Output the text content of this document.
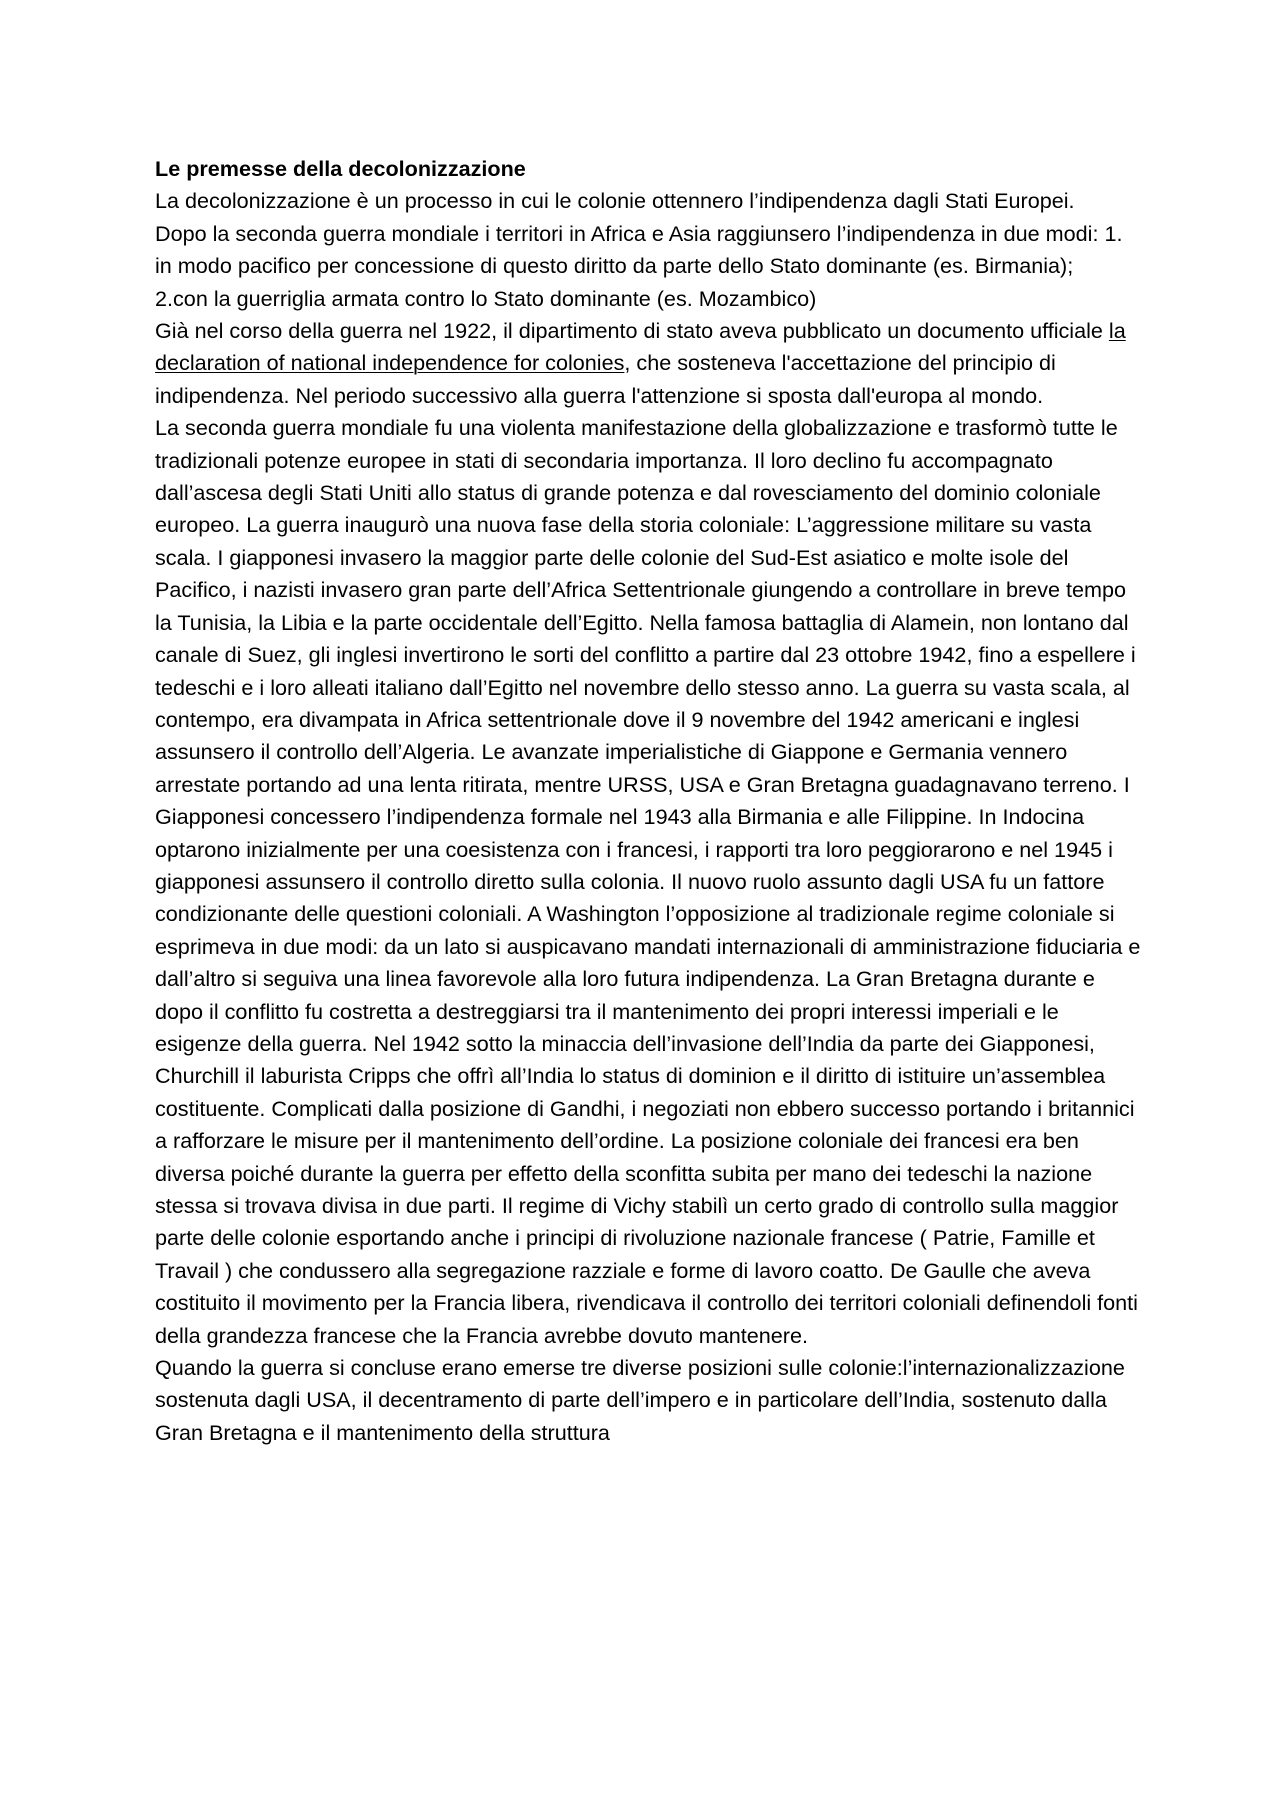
Le premesse della decolonizzazione

La decolonizzazione è un processo in cui le colonie ottennero l’indipendenza dagli Stati Europei.

Dopo la seconda guerra mondiale i territori in Africa e Asia raggiunsero l’indipendenza in due modi: 1. in modo pacifico per concessione di questo diritto da parte dello Stato dominante (es. Birmania);

2.con la guerriglia armata contro lo Stato dominante (es. Mozambico)

Già nel corso della guerra nel 1922, il dipartimento di stato aveva pubblicato un documento ufficiale la declaration of national independence for colonies, che sosteneva l'accettazione del principio di indipendenza. Nel periodo successivo alla guerra l'attenzione si sposta dall'europa al mondo.

La seconda guerra mondiale fu una violenta manifestazione della globalizzazione e trasformò tutte le tradizionali potenze europee in stati di secondaria importanza. Il loro declino fu accompagnato dall’ascesa degli Stati Uniti allo status di grande potenza e dal rovesciamento del dominio coloniale europeo. La guerra inaugurò una nuova fase della storia coloniale: L’aggressione militare su vasta scala. I giapponesi invasero la maggior parte delle colonie del Sud-Est asiatico e molte isole del Pacifico, i nazisti invasero gran parte dell’Africa Settentrionale giungendo a controllare in breve tempo la Tunisia, la Libia e la parte occidentale dell’Egitto. Nella famosa battaglia di Alamein, non lontano dal canale di Suez, gli inglesi invertirono le sorti del conflitto a partire dal 23 ottobre 1942, fino a espellere i tedeschi e i loro alleati italiano dall’Egitto nel novembre dello stesso anno. La guerra su vasta scala, al contempo, era divampata in Africa settentrionale dove il 9 novembre del 1942 americani e inglesi assunsero il controllo dell’Algeria. Le avanzate imperialistiche di Giappone e Germania vennero arrestate portando ad una lenta ritirata, mentre URSS, USA e Gran Bretagna guadagnavano terreno. I Giapponesi concessero l’indipendenza formale nel 1943 alla Birmania e alle Filippine. In Indocina optarono inizialmente per una coesistenza con i francesi, i rapporti tra loro peggiorarono e nel 1945 i giapponesi assunsero il controllo diretto sulla colonia. Il nuovo ruolo assunto dagli USA fu un fattore condizionante delle questioni coloniali. A Washington l’opposizione al tradizionale regime coloniale si esprimeva in due modi: da un lato si auspicavano mandati internazionali di amministrazione fiduciaria e dall’altro si seguiva una linea favorevole alla loro futura indipendenza. La Gran Bretagna durante e dopo il conflitto fu costretta a destreggiarsi tra il mantenimento dei propri interessi imperiali e le esigenze della guerra. Nel 1942 sotto la minaccia dell’invasione dell’India da parte dei Giapponesi, Churchill il laburista Cripps che offrì all’India lo status di dominion e il diritto di istituire un’assemblea costituente. Complicati dalla posizione di Gandhi, i negoziati non ebbero successo portando i britannici a rafforzare le misure per il mantenimento dell’ordine. La posizione coloniale dei francesi era ben diversa poiché durante la guerra per effetto della sconfitta subita per mano dei tedeschi la nazione stessa si trovava divisa in due parti. Il regime di Vichy stabilì un certo grado di controllo sulla maggior parte delle colonie esportando anche i principi di rivoluzione nazionale francese ( Patrie, Famille et Travail ) che condussero alla segregazione razziale e forme di lavoro coatto. De Gaulle che aveva costituito il movimento per la Francia libera, rivendicava il controllo dei territori coloniali definendoli fonti della grandezza francese che la Francia avrebbe dovuto mantenere.

Quando la guerra si concluse erano emerse tre diverse posizioni sulle colonie:l’internazionalizzazione sostenuta dagli USA, il decentramento di parte dell’impero e in particolare dell’India, sostenuto dalla Gran Bretagna e il mantenimento della struttura
